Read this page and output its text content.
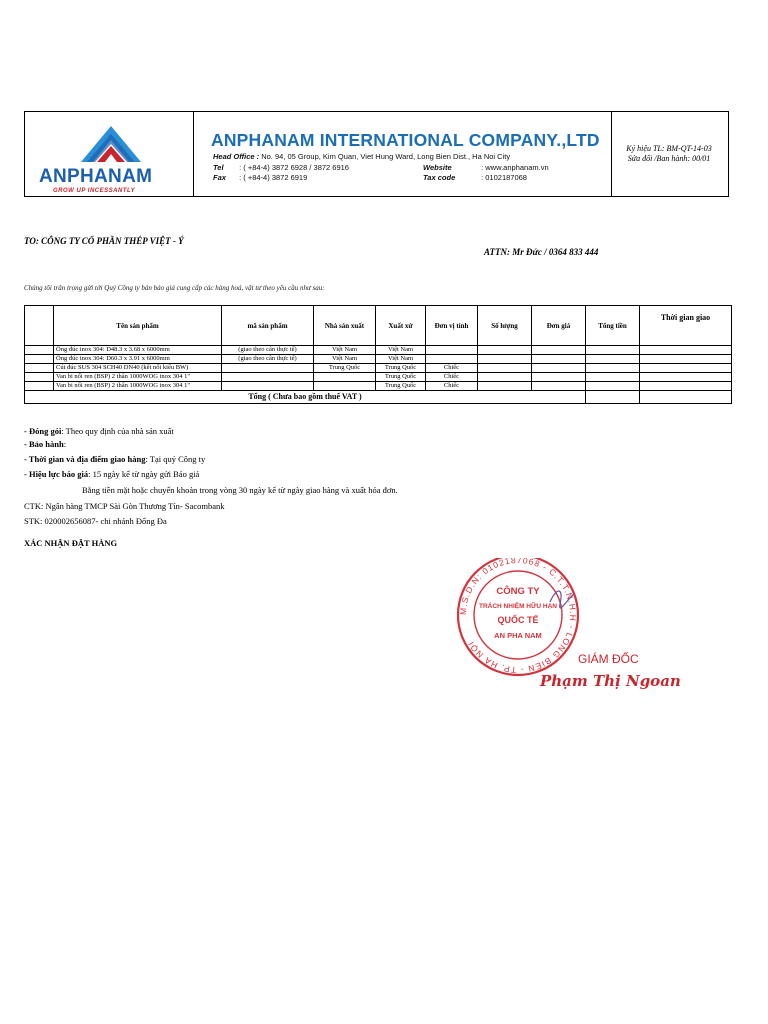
ANPHANAM
GROW UP INCESSANTLY
ANPHANAM INTERNATIONAL COMPANY.,LTD
Head Office : No. 94, 05 Group, Kim Quan, Viet Hung Ward, Long Bien Dist., Ha Noi City
Tel : ( +84-4) 3872 6928 / 3872 6916	Website	: www.anphanam.vn
Fax : ( +84-4) 3872 6919	Tax code	: 0102187068
Ký hiệu TL: BM-QT-14-03
Sửa đổi /Ban hành: 00/01
TO: CÔNG TY CỔ PHẦN THÉP VIỆT - Ý
ATTN: Mr Đức / 0364 833 444
Chúng tôi trân trọng gửi tới Quý Công ty bản báo giá cung cấp các hàng hoá, vật tư theo yêu cầu như sau:
	Tên sản phẩm	mã sản phẩm	Nhà sản xuất	Xuất xứ	Đơn vị tính	Số lượng	Đơn giá	Tổng tiền	Thời gian giao
	Ống đúc inox 304: D48.3 x 3.68 x 6000mm	(giao theo cân thực tế)	Việt Nam	Việt Nam					
	Ống đúc inox 304: D60.3 x 3.91 x 6000mm	(giao theo cân thực tế)	Việt Nam	Việt Nam					
	Cút đúc SUS 304 SCH40 DN40 (kết nối kiểu BW)		Trung Quốc	Trung Quốc	Chiếc				
	Van bi nối ren (BSP) 2 thân 1000WOG inox 304 1"			Trung Quốc	Chiếc				
	Van bi nối ren (BSP) 2 thân 1000WOG inox 304 1"			Trung Quốc	Chiếc				
Tổng ( Chưa bao gồm thuế VAT )									
- Đóng gói: Theo quy định của nhà sản xuất
- Bảo hành:
- Thời gian và địa điểm giao hàng: Tại quý Công ty
- Hiệu lực báo giá: 15 ngày kể từ ngày gửi Báo giá
Bằng tiền mặt hoặc chuyển khoản trong vòng 30 ngày kể từ ngày giao hàng và xuất hóa đơn.
CTK: Ngân hàng TMCP Sài Gòn Thương Tín- Sacombank
STK: 020002656087- chi nhánh Đống Đa
XÁC NHẬN ĐẶT HÀNG
M.S.D.N: 0102187068 - C.T.T.N.H.H - LONG BIÊN - TP. HÀ NỘI
CÔNG TY
TRÁCH NHIỆM HỮU HẠN
QUỐC TẾ
AN PHA NAM
GIÁM ĐỐC
Phạm Thị Ngoan
